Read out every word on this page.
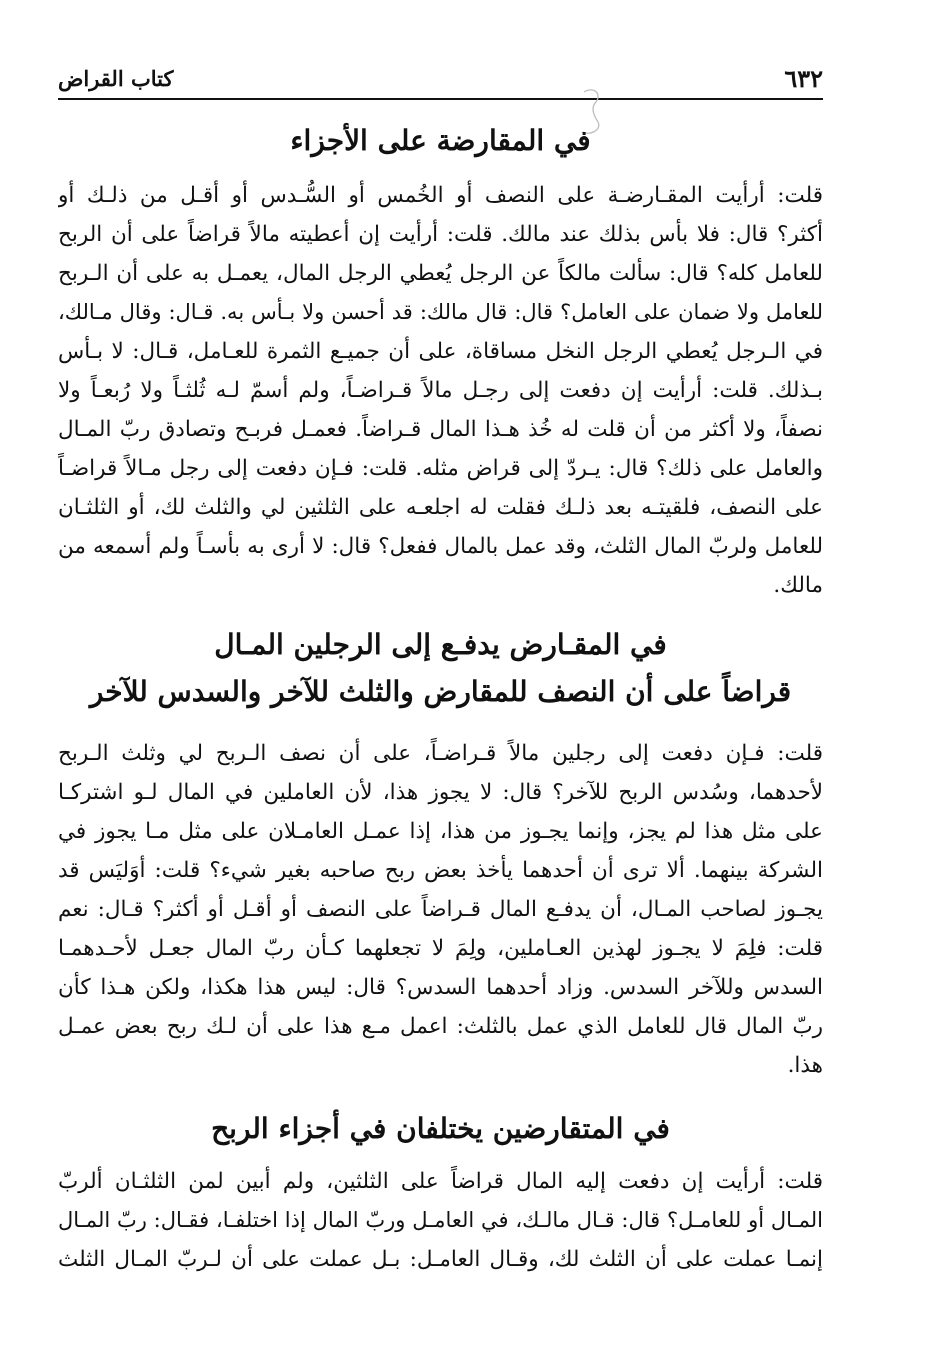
٦٣٢
كتاب القراض
في المقارضة على الأجزاء
قلت: أرأيت المقـارضـة على النصف أو الخُمس أو السُّـدس أو أقـل من ذلـك أو
أكثر؟ قال: فلا بأس بذلك عند مالك. قلت: أرأيت إن أعطيته مالاً قراضاً على أن الربح
للعامل كله؟ قال: سألت مالكاً عن الرجل يُعطي الرجل المال، يعمـل به على أن الـربح
للعامل ولا ضمان على العامل؟ قال: قال مالك: قد أحسن ولا بـأس به. قـال: وقال مـالك،
في الـرجل يُعطي الرجل النخل مساقاة، على أن جميـع الثمرة للعـامل، قـال: لا بـأس
بـذلك. قلت: أرأيت إن دفعت إلى رجـل مالاً قـراضـاً، ولم أسمّ لـه ثُلثـاً ولا رُبعـاً ولا
نصفاً، ولا أكثر من أن قلت له خُذ هـذا المال قـراضاً. فعمـل فربـح وتصادق ربّ المـال
والعامل على ذلك؟ قال: يـردّ إلى قراض مثله. قلت: فـإن دفعت إلى رجل مـالاً قراضـاً
على النصف، فلقيتـه بعد ذلـك فقلت له اجلعـه على الثلثين لي والثلث لك، أو الثلثـان
للعامل ولربّ المال الثلث، وقد عمل بالمال ففعل؟ قال: لا أرى به بأسـاً ولم أسمعه من
مالك.
في المقـارض يدفـع إلى الرجلين المـال
قراضاً على أن النصف للمقارض والثلث للآخر والسدس للآخر
قلت: فـإن دفعت إلى رجلين مالاً قـراضـاً، على أن نصف الـربح لي وثلث الـربح
لأحدهما، وسُدس الربح للآخر؟ قال: لا يجوز هذا، لأن العاملين في المال لـو اشتركـا
على مثل هذا لم يجز، وإنما يجـوز من هذا، إذا عمـل العامـلان على مثل مـا يجوز في
الشركة بينهما. ألا ترى أن أحدهما يأخذ بعض ربح صاحبه بغير شيء؟ قلت: أوَليَس قد
يجـوز لصاحب المـال، أن يدفـع المال قـراضاً على النصف أو أقـل أو أكثر؟ قـال: نعم
قلت: فلِمَ لا يجـوز لهذين العـاملين، ولِمَ لا تجعلهما كـأن ربّ المال جعـل لأحـدهمـا
السدس وللآخر السدس. وزاد أحدهما السدس؟ قال: ليس هذا هكذا، ولكن هـذا كأن
ربّ المال قال للعامل الذي عمل بالثلث: اعمل مـع هذا على أن لـك ربح بعض عمـل
هذا.
في المتقارضين يختلفان في أجزاء الربح
قلت: أرأيت إن دفعت إليه المال قراضاً على الثلثين، ولم أبين لمن الثلثـان ألربّ
المـال أو للعامـل؟ قال: قـال مالـك، في العامـل وربّ المال إذا اختلفـا، فقـال: ربّ المـال
إنمـا عملت على أن الثلث لك، وقـال العامـل: بـل عملت على أن لـربّ المـال الثلث
